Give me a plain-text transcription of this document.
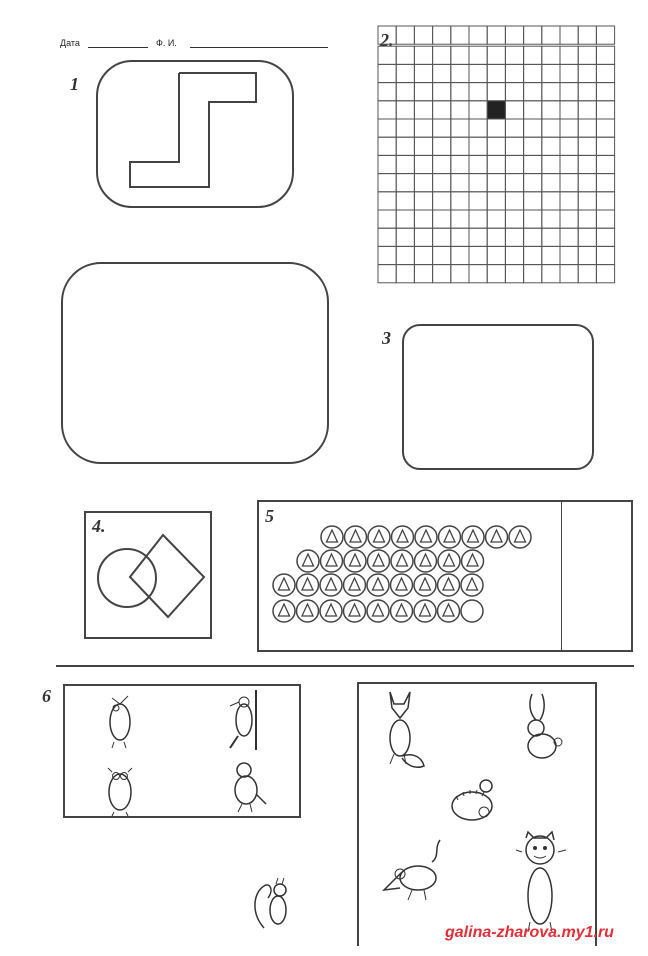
Дата	Ф. И.
1
2.
3
4.	5
6
galina-zharova.my1.ru
